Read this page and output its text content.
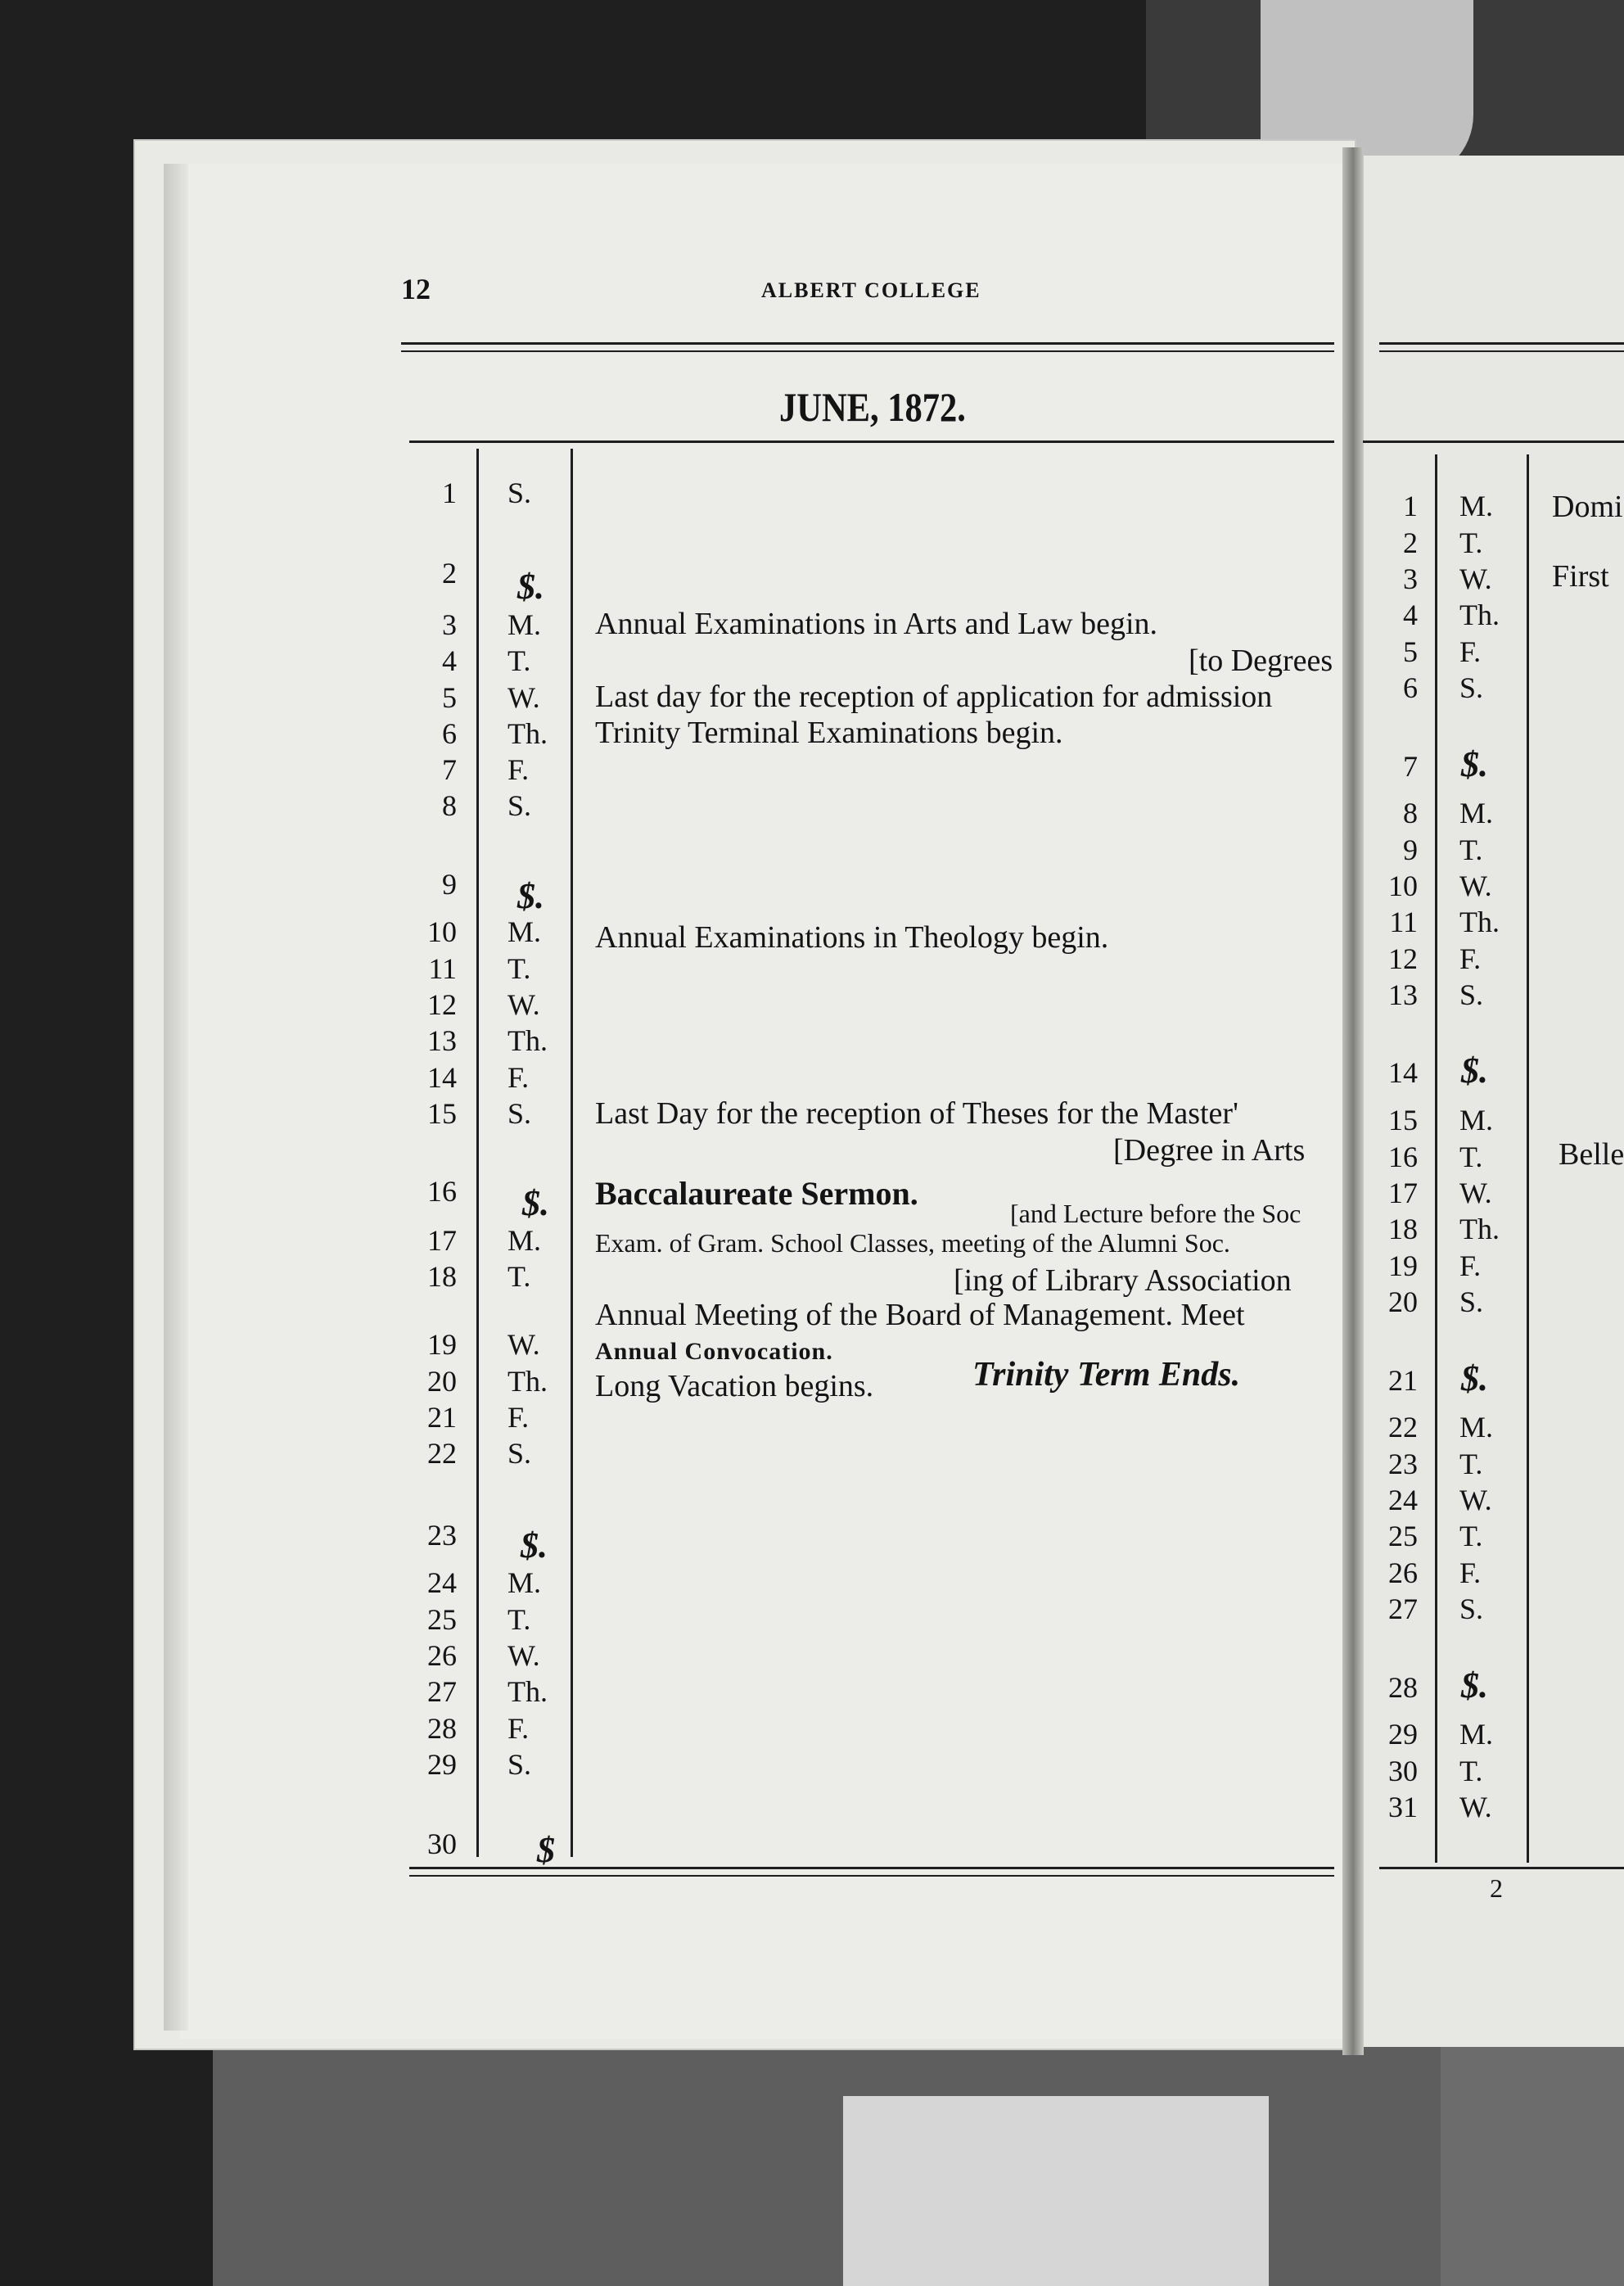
12	ALBERT COLLEGE
JUNE, 1872.
1
2
3
4
5
6
7
8
9
10
11
12
13
14
15
16
17
18
19
20
21
22
23
24
25
26
27
28
29
30
S.
$.
M.
T.
W.
Th.
F.
S.
$.
M.
T.
W.
Th.
F.
S.
$.
M.
T.
W.
Th.
F.
S.
$.
M.
T.
W.
Th.
F.
S.
$
Annual Examinations in Arts and Law begin.
[to Degrees
Last day for the reception of application for admission
Trinity Terminal Examinations begin.
Annual Examinations in Theology begin.
Last Day for the reception of Theses for the Master'
[Degree in Arts
Baccalaureate Sermon.
[and Lecture before the Soc
Exam. of Gram. School Classes, meeting of the Alumni Soc.
[ing of Library Association
Annual Meeting of the Board of Management. Meet
Annual Convocation.
Long Vacation begins.	Trinity Term Ends.
1
2
3
4
5
6
7
8
9
10
11
12
13
14
15
16
17
18
19
20
21
22
23
24
25
26
27
28
29
30
31
M.
T.
W.
Th.
F.
S.
$.
M.
T.
W.
Th.
F.
S.
$.
M.
T.
W.
Th.
F.
S.
$.
M.
T.
W.
T.
F.
S.
$.
M.
T.
W.
Domi
First
Belle
2
